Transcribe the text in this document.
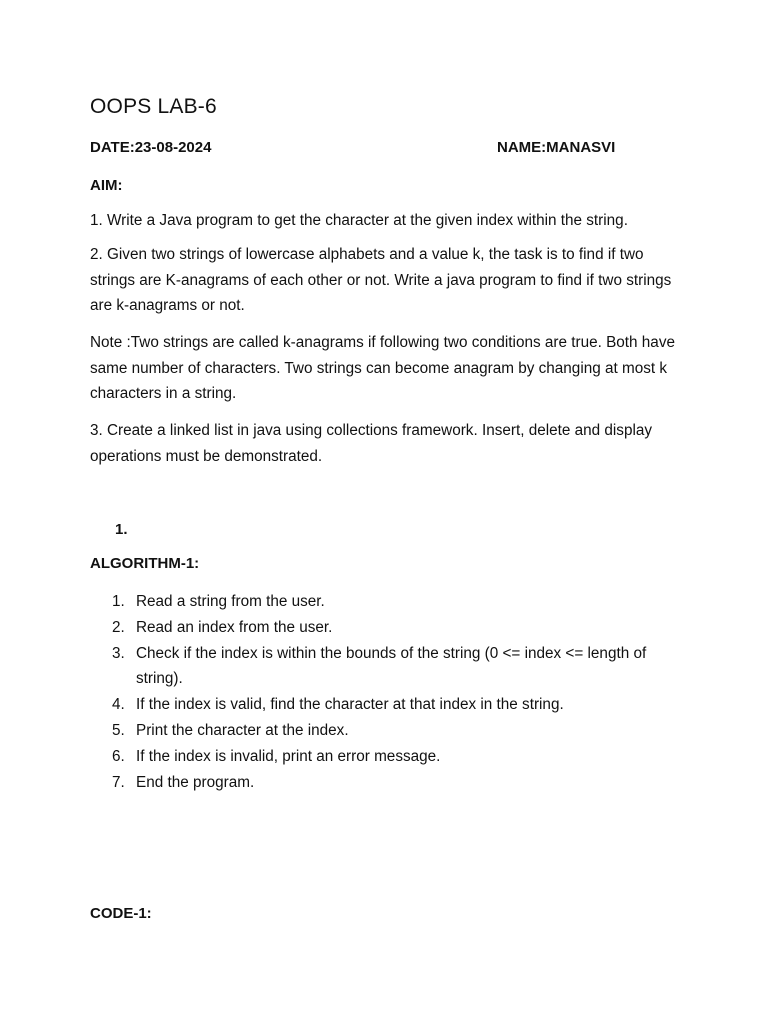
OOPS LAB-6
DATE:23-08-2024	NAME:MANASVI
AIM:

1. Write a Java program to get the character at the given index within the string.

2. Given two strings of lowercase alphabets and a value k, the task is to find if two strings are K-anagrams of each other or not. Write a java program to find if two strings are k-anagrams or not.

Note :Two strings are called k-anagrams if following two conditions are true. Both have same number of characters. Two strings can become anagram by changing at most k characters in a string.

3. Create a linked list in java using collections framework. Insert, delete and display operations must be demonstrated.

1.
ALGORITHM-1:
1. Read a string from the user.
2. Read an index from the user.
3. Check if the index is within the bounds of the string (0 <= index <= length of string).
4. If the index is valid, find the character at that index in the string.
5. Print the character at the index.
6. If the index is invalid, print an error message.
7. End the program.
CODE-1:
